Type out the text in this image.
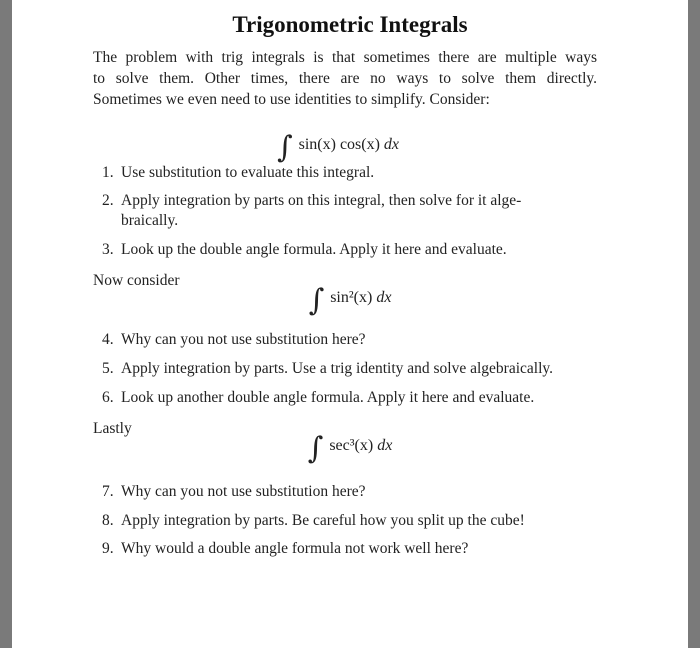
Trigonometric Integrals
The problem with trig integrals is that sometimes there are multiple ways
to solve them. Other times, there are no ways to solve them directly.
Sometimes we even need to use identities to simplify. Consider:
∫ sin(x) cos(x) dx
1. Use substitution to evaluate this integral.
2. Apply integration by parts on this integral, then solve for it alge-
braically.
3. Look up the double angle formula. Apply it here and evaluate.
Now consider
∫ sin²(x) dx
4. Why can you not use substitution here?
5. Apply integration by parts. Use a trig identity and solve algebraically.
6. Look up another double angle formula. Apply it here and evaluate.
Lastly
∫ sec³(x) dx
7. Why can you not use substitution here?
8. Apply integration by parts. Be careful how you split up the cube!
9. Why would a double angle formula not work well here?
